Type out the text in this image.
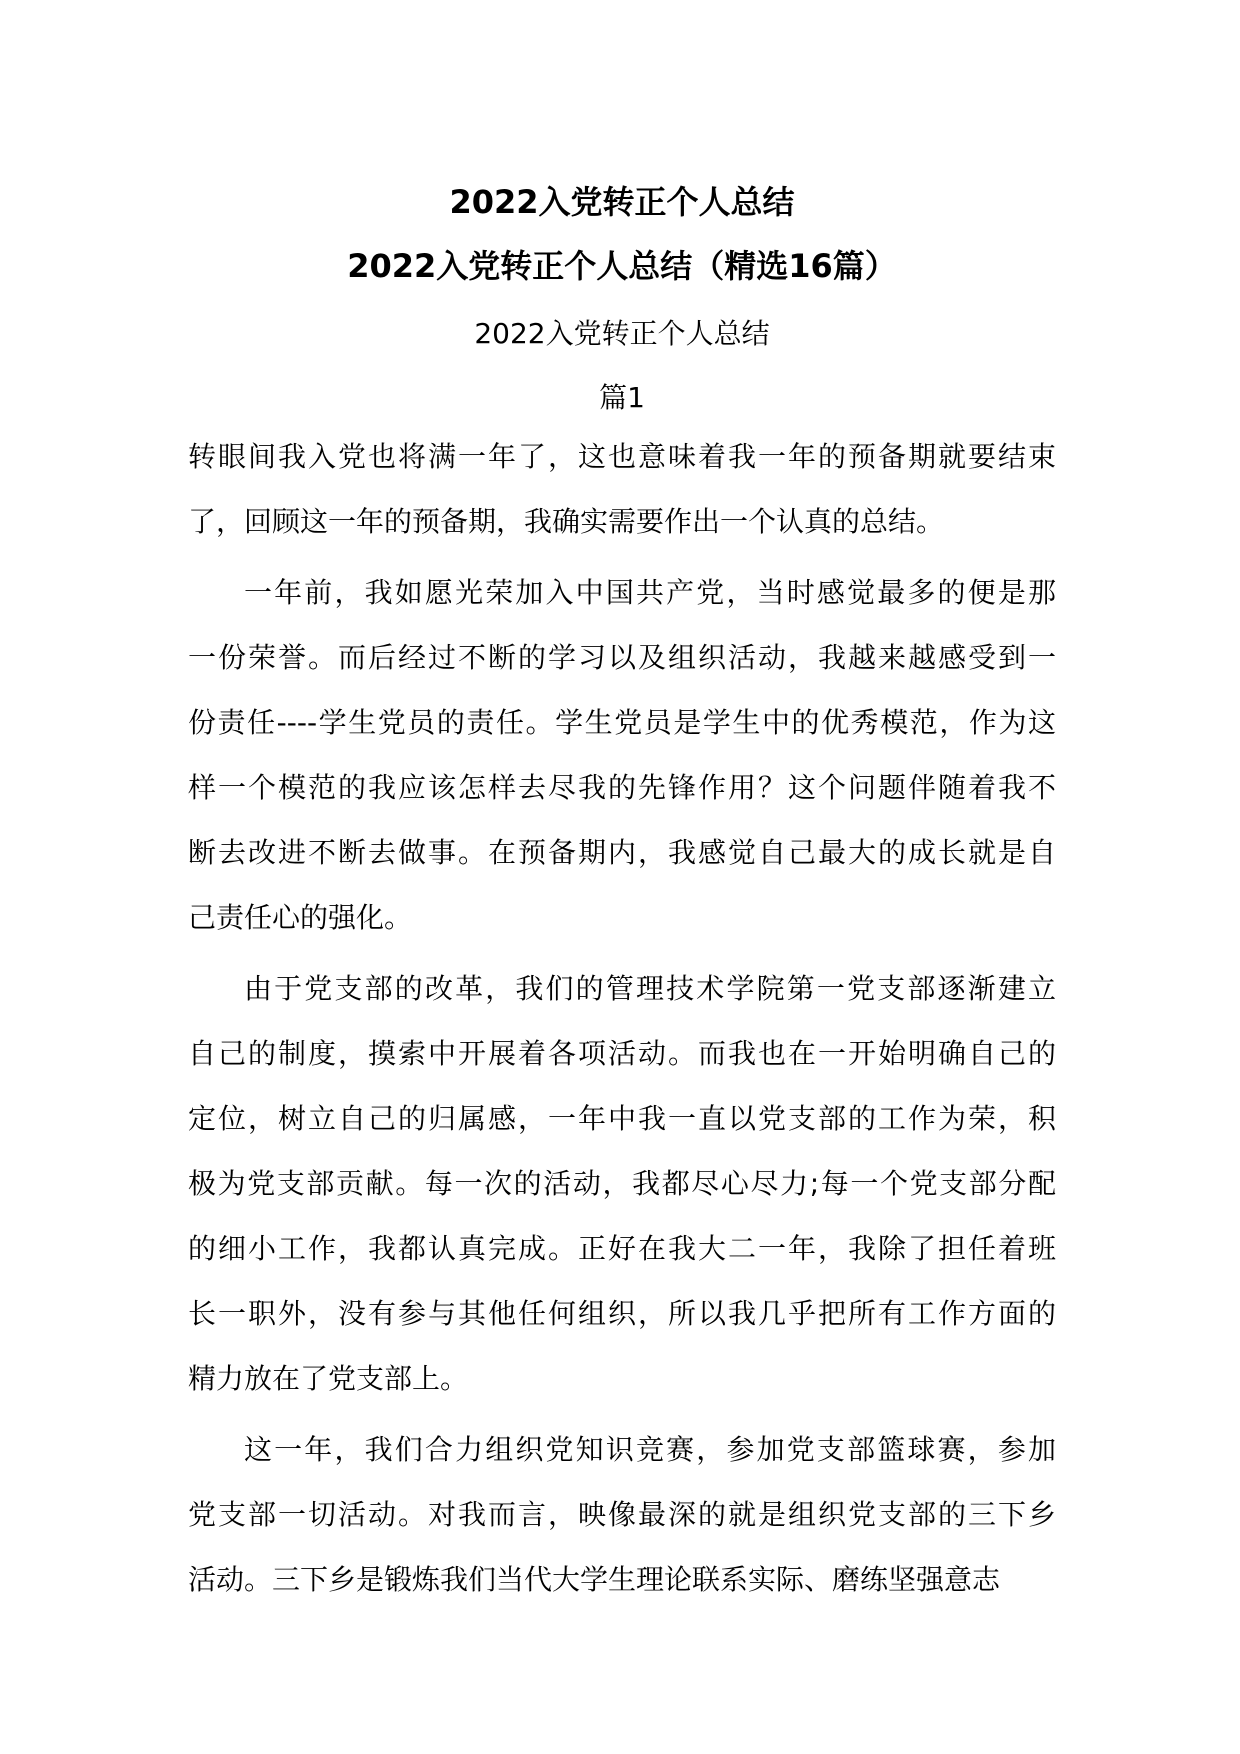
2022入党转正个人总结
2022入党转正个人总结（精选16篇）
2022入党转正个人总结
篇1
转眼间我入党也将满一年了，这也意味着我一年的预备期就要结束
了，回顾这一年的预备期，我确实需要作出一个认真的总结。
一年前，我如愿光荣加入中国共产党，当时感觉最多的便是那
一份荣誉。而后经过不断的学习以及组织活动，我越来越感受到一
份责任----学生党员的责任。学生党员是学生中的优秀模范，作为这
样一个模范的我应该怎样去尽我的先锋作用？这个问题伴随着我不
断去改进不断去做事。在预备期内，我感觉自己最大的成长就是自
己责任心的强化。
由于党支部的改革，我们的管理技术学院第一党支部逐渐建立
自己的制度，摸索中开展着各项活动。而我也在一开始明确自己的
定位，树立自己的归属感，一年中我一直以党支部的工作为荣，积
极为党支部贡献。每一次的活动，我都尽心尽力;每一个党支部分配
的细小工作，我都认真完成。正好在我大二一年，我除了担任着班
长一职外，没有参与其他任何组织，所以我几乎把所有工作方面的
精力放在了党支部上。
这一年，我们合力组织党知识竞赛，参加党支部篮球赛，参加
党支部一切活动。对我而言，映像最深的就是组织党支部的三下乡
活动。三下乡是锻炼我们当代大学生理论联系实际、磨练坚强意志
